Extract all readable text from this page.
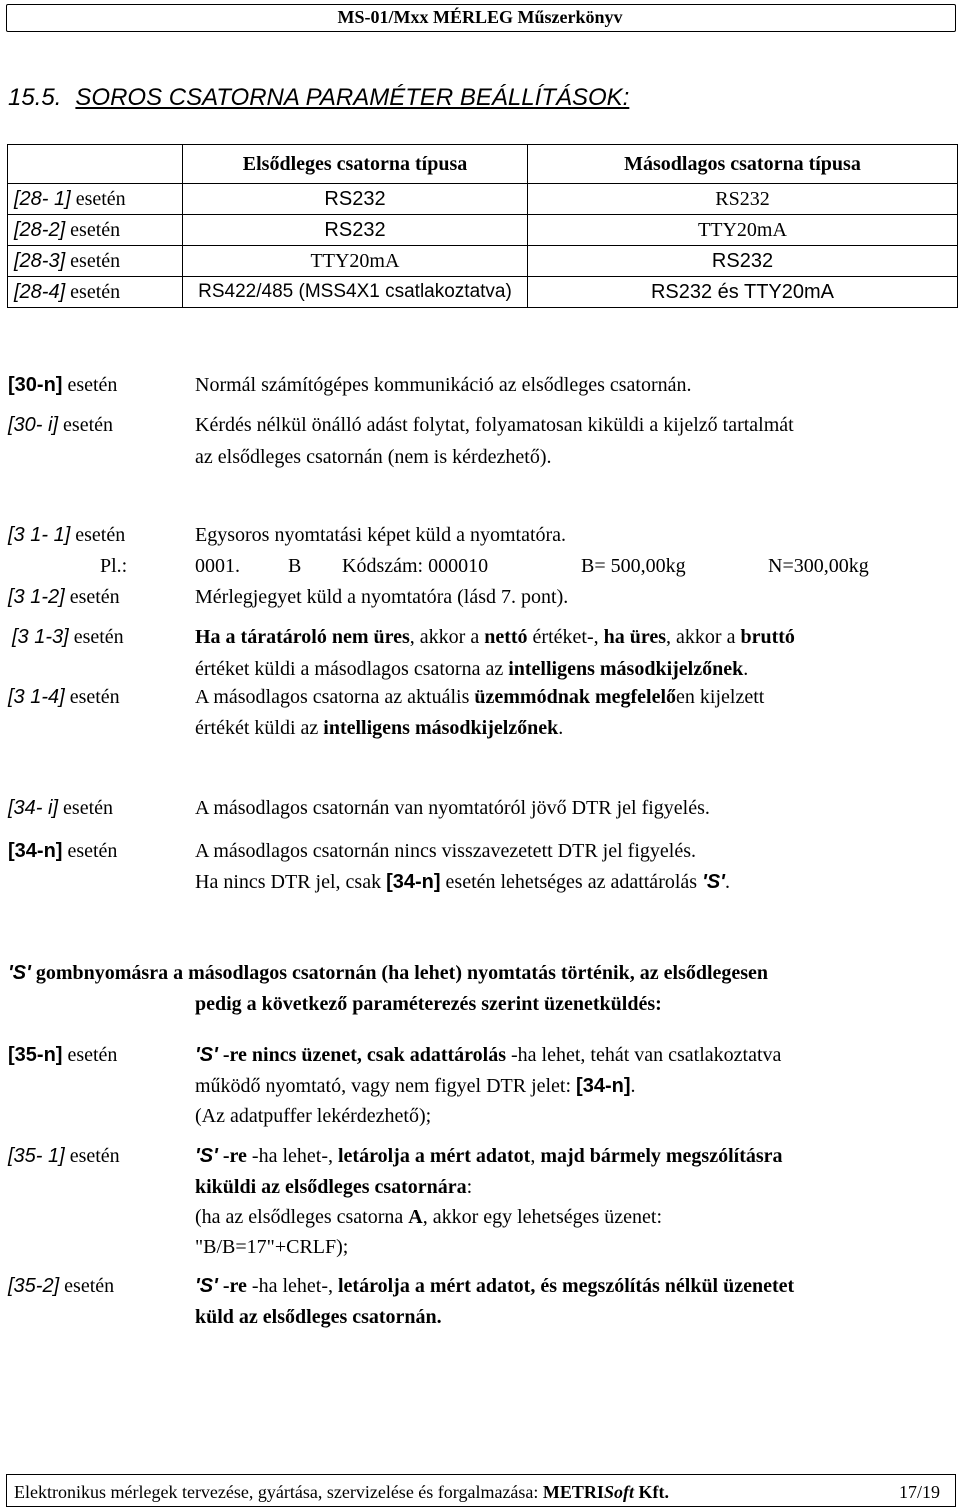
MS-01/Mxx MÉRLEG Műszerkönyv
15.5. SOROS CSATORNA PARAMÉTER BEÁLLÍTÁSOK:
	Elsődleges csatorna típusa	Másodlagos csatorna típusa
[28- 1] esetén	RS232	RS232
[28-2] esetén	RS232	TTY20mA
[28-3] esetén	TTY20mA	RS232
[28-4] esetén	RS422/485 (MSS4X1 csatlakoztatva)	RS232 és TTY20mA
[30-n] esetén	Normál számítógépes kommunikáció az elsődleges csatornán.
[30- i] esetén	Kérdés nélkül önálló adást folytat, folyamatosan kiküldi a kijelző tartalmát
az elsődleges csatornán (nem is kérdezhető).
[3 1- 1] esetén	Egysoros nyomtatási képet küld a nyomtatóra.
Pl.:	0001. B Kódszám: 000010	B= 500,00kg	N=300,00kg
[3 1-2] esetén	Mérlegjegyet küld a nyomtatóra (lásd 7. pont).
[3 1-3] esetén	Ha a táratároló nem üres, akkor a nettó értéket-, ha üres, akkor a bruttó
értéket küldi a másodlagos csatorna az intelligens másodkijelzőnek.
[3 1-4] esetén	A másodlagos csatorna az aktuális üzemmódnak megfelelően kijelzett
értékét küldi az intelligens másodkijelzőnek.
[34- i] esetén	A másodlagos csatornán van nyomtatóról jövő DTR jel figyelés.
[34-n] esetén	A másodlagos csatornán nincs visszavezetett DTR jel figyelés.
Ha nincs DTR jel, csak [34-n] esetén lehetséges az adattárolás 'S'.
'S' gombnyomásra a másodlagos csatornán (ha lehet) nyomtatás történik, az elsődlegesen
pedig a következő paraméterezés szerint üzenetküldés:
[35-n] esetén	'S' -re nincs üzenet, csak adattárolás -ha lehet, tehát van csatlakoztatva
működő nyomtató, vagy nem figyel DTR jelet: [34-n].
(Az adatpuffer lekérdezhető);
[35- 1] esetén	'S' -re -ha lehet-, letárolja a mért adatot, majd bármely megszólításra
kiküldi az elsődleges csatornára:
(ha az elsődleges csatorna A, akkor egy lehetséges üzenet:
"B/B=17"+CRLF);
[35-2] esetén	'S' -re -ha lehet-, letárolja a mért adatot, és megszólítás nélkül üzenetet
küld az elsődleges csatornán.
Elektronikus mérlegek tervezése, gyártása, szervizelése és forgalmazása: METRISoft Kft.	17/19
